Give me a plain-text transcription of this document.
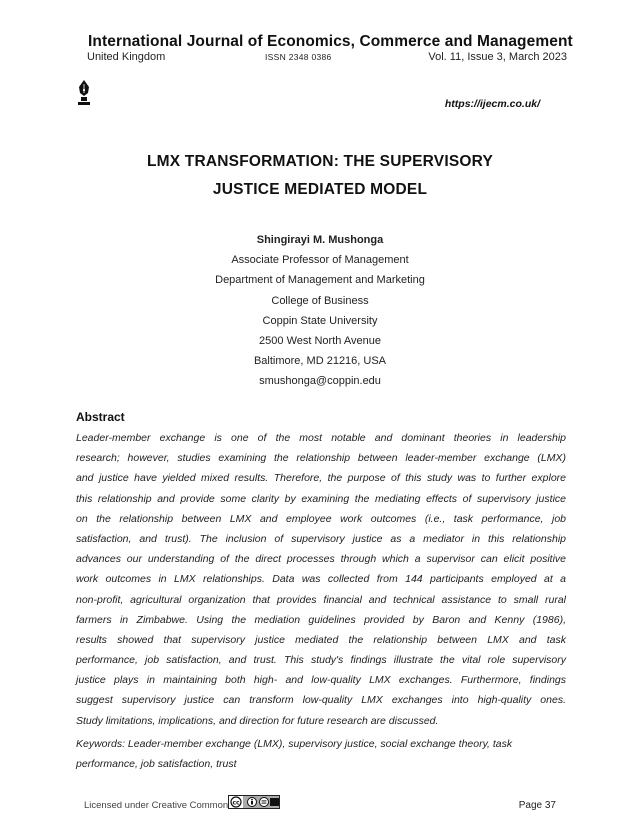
International Journal of Economics, Commerce and Management
United Kingdom	ISSN 2348 0386	Vol. 11, Issue 3, March 2023
https://ijecm.co.uk/
LMX TRANSFORMATION: THE SUPERVISORY
JUSTICE MEDIATED MODEL
Shingirayi M. Mushonga
Associate Professor of Management
Department of Management and Marketing
College of Business
Coppin State University
2500 West North Avenue
Baltimore, MD 21216, USA
smushonga@coppin.edu
Abstract
Leader-member exchange is one of the most notable and dominant theories in leadership
research; however, studies examining the relationship between leader-member exchange (LMX)
and justice have yielded mixed results. Therefore, the purpose of this study was to further explore
this relationship and provide some clarity by examining the mediating effects of supervisory justice
on the relationship between LMX and employee work outcomes (i.e., task performance, job
satisfaction, and trust). The inclusion of supervisory justice as a mediator in this relationship
advances our understanding of the direct processes through which a supervisor can elicit positive
work outcomes in LMX relationships. Data was collected from 144 participants employed at a
non-profit, agricultural organization that provides financial and technical assistance to small rural
farmers in Zimbabwe. Using the mediation guidelines provided by Baron and Kenny (1986),
results showed that supervisory justice mediated the relationship between LMX and task
performance, job satisfaction, and trust. This study's findings illustrate the vital role supervisory
justice plays in maintaining both high- and low-quality LMX exchanges. Furthermore, findings
suggest supervisory justice can transform low-quality LMX exchanges into high-quality ones.
Study limitations, implications, and direction for future research are discussed.
Keywords: Leader-member exchange (LMX), supervisory justice, social exchange theory, task
performance, job satisfaction, trust
Licensed under Creative Common cc	Page 37
